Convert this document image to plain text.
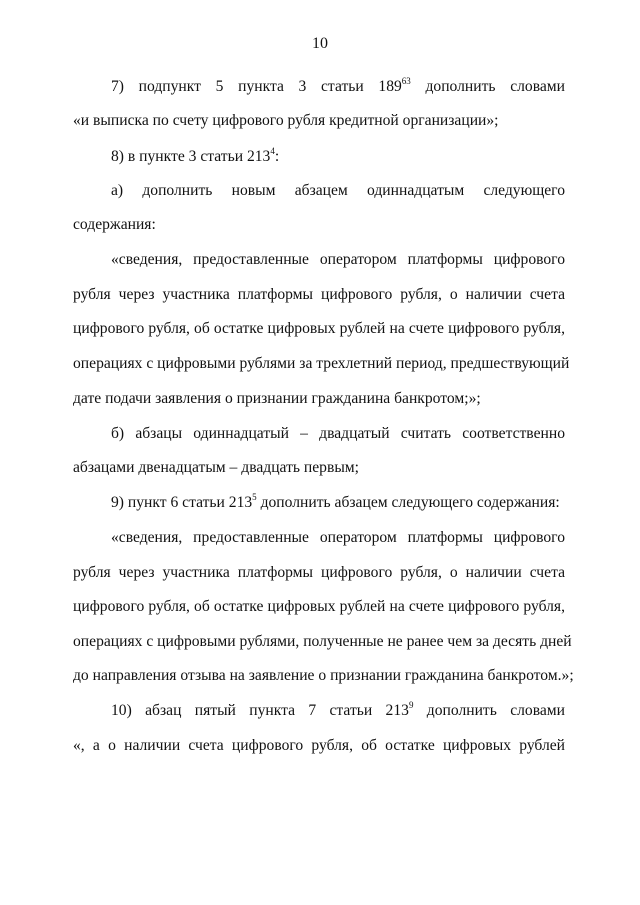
10
7) подпункт 5 пункта 3 статьи $189^{63}$ дополнить словами
«и выписка по счету цифрового рубля кредитной организации»;
8) в пункте 3 статьи $213^4$:
а) дополнить новым абзацем одиннадцатым следующего
содержания:
«сведения, предоставленные оператором платформы цифрового
рубля через участника платформы цифрового рубля, о наличии счета
цифрового рубля, об остатке цифровых рублей на счете цифрового рубля,
операциях с цифровыми рублями за трехлетний период, предшествующий
дате подачи заявления о признании гражданина банкротом;»;
б) абзацы одиннадцатый – двадцатый считать соответственно
абзацами двенадцатым – двадцать первым;
9) пункт 6 статьи $213^5$ дополнить абзацем следующего содержания:
«сведения, предоставленные оператором платформы цифрового
рубля через участника платформы цифрового рубля, о наличии счета
цифрового рубля, об остатке цифровых рублей на счете цифрового рубля,
операциях с цифровыми рублями, полученные не ранее чем за десять дней
до направления отзыва на заявление о признании гражданина банкротом.»;
10) абзац пятый пункта 7 статьи $213^9$ дополнить словами
«, а о наличии счета цифрового рубля, об остатке цифровых рублей
